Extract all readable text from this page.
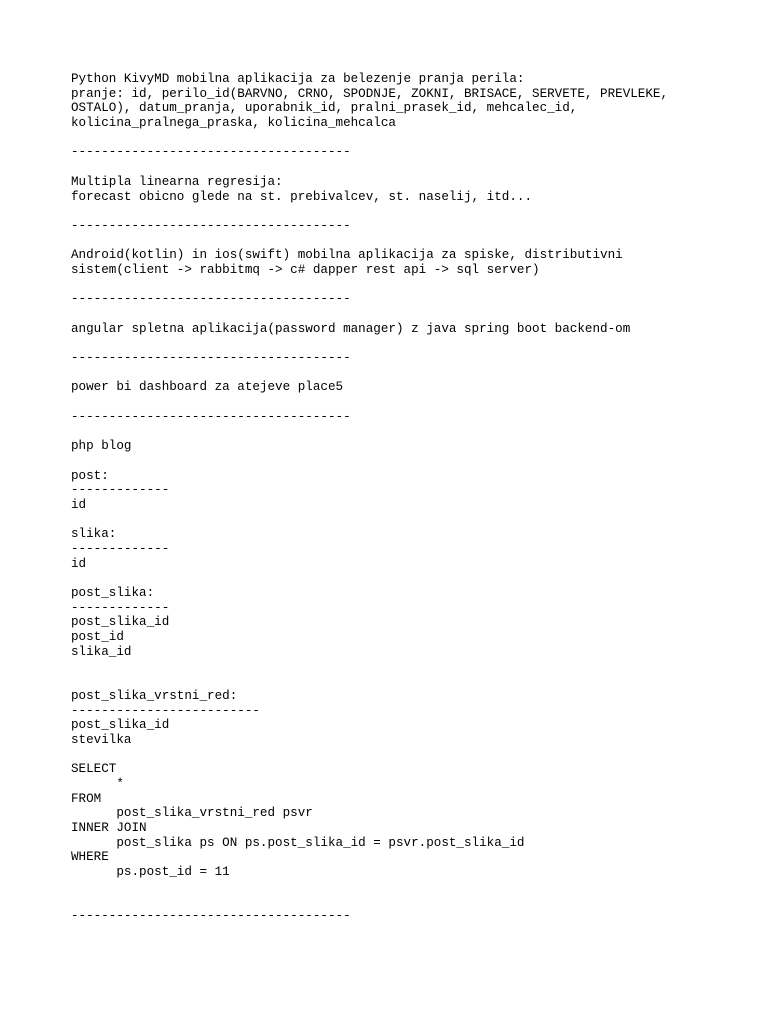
Python KivyMD mobilna aplikacija za belezenje pranja perila:
pranje: id, perilo_id(BARVNO, CRNO, SPODNJE, ZOKNI, BRISACE, SERVETE, PREVLEKE,
OSTALO), datum_pranja, uporabnik_id, pralni_prasek_id, mehcalec_id,
kolicina_pralnega_praska, kolicina_mehcalca
-------------------------------------
Multipla linearna regresija:
forecast obicno glede na st. prebivalcev, st. naselij, itd...
-------------------------------------
Android(kotlin) in ios(swift) mobilna aplikacija za spiske, distributivni
sistem(client -> rabbitmq -> c# dapper rest api -> sql server)
-------------------------------------
angular spletna aplikacija(password manager) z java spring boot backend-om
-------------------------------------
power bi dashboard za atejeve place5
-------------------------------------
php blog
post:
-------------
id
slika:
-------------
id
post_slika:
-------------
post_slika_id
post_id
slika_id
post_slika_vrstni_red:
-------------------------
post_slika_id
stevilka
SELECT
*
FROM
post_slika_vrstni_red psvr
INNER JOIN
post_slika ps ON ps.post_slika_id = psvr.post_slika_id
WHERE
ps.post_id = 11
-------------------------------------
